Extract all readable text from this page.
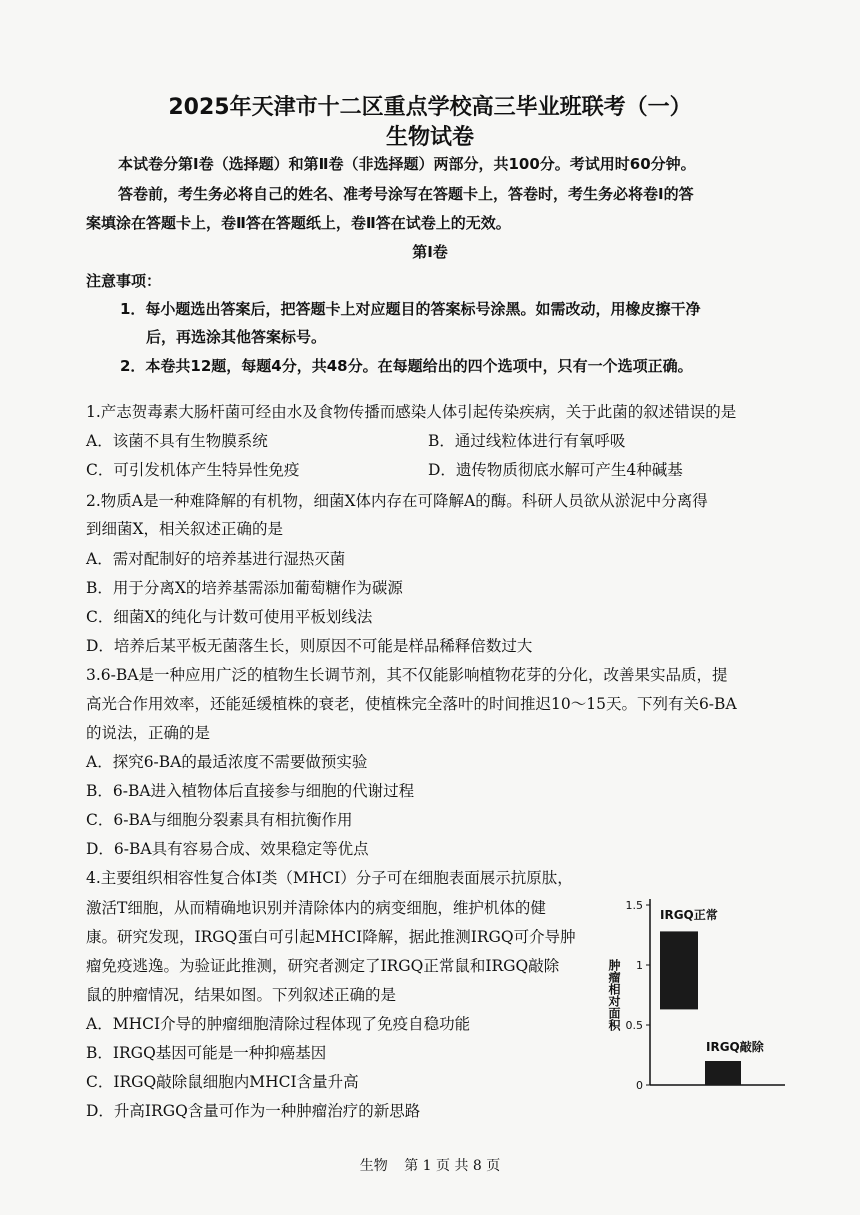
2025年天津市十二区重点学校高三毕业班联考（一）
生物试卷
本试卷分第Ⅰ卷（选择题）和第Ⅱ卷（非选择题）两部分，共100分。考试用时60分钟。
答卷前，考生务必将自己的姓名、准考号涂写在答题卡上，答卷时，考生务必将卷Ⅰ的答
案填涂在答题卡上，卷Ⅱ答在答题纸上，卷Ⅱ答在试卷上的无效。
第Ⅰ卷
注意事项：
1．每小题选出答案后，把答题卡上对应题目的答案标号涂黑。如需改动，用橡皮擦干净
后，再选涂其他答案标号。
2．本卷共12题，每题4分，共48分。在每题给出的四个选项中，只有一个选项正确。
1.产志贺毒素大肠杆菌可经由水及食物传播而感染人体引起传染疾病，关于此菌的叙述错误的是
A．该菌不具有生物膜系统	B．通过线粒体进行有氧呼吸
C．可引发机体产生特异性免疫	D．遗传物质彻底水解可产生4种碱基
2.物质A是一种难降解的有机物，细菌X体内存在可降解A的酶。科研人员欲从淤泥中分离得
到细菌X，相关叙述正确的是
A．需对配制好的培养基进行湿热灭菌
B．用于分离X的培养基需添加葡萄糖作为碳源
C．细菌X的纯化与计数可使用平板划线法
D．培养后某平板无菌落生长，则原因不可能是样品稀释倍数过大
3.6-BA是一种应用广泛的植物生长调节剂，其不仅能影响植物花芽的分化，改善果实品质，提
高光合作用效率，还能延缓植株的衰老，使植株完全落叶的时间推迟10～15天。下列有关6-BA
的说法，正确的是
A．探究6-BA的最适浓度不需要做预实验
B．6-BA进入植物体后直接参与细胞的代谢过程
C．6-BA与细胞分裂素具有相抗衡作用
D．6-BA具有容易合成、效果稳定等优点
4.主要组织相容性复合体Ⅰ类（MHCI）分子可在细胞表面展示抗原肽，
激活T细胞，从而精确地识别并清除体内的病变细胞，维护机体的健
康。研究发现，IRGQ蛋白可引起MHCI降解，据此推测IRGQ可介导肿
瘤免疫逃逸。为验证此推测，研究者测定了IRGQ正常鼠和IRGQ敲除
鼠的肿瘤情况，结果如图。下列叙述正确的是
A．MHCI介导的肿瘤细胞清除过程体现了免疫自稳功能
B．IRGQ基因可能是一种抑癌基因
C．IRGQ敲除鼠细胞内MHCI含量升高
D．升高IRGQ含量可作为一种肿瘤治疗的新思路
0
0.5
1
1.5
肿瘤相对面积
IRGQ正常
IRGQ敲除
生物 第 1 页 共 8 页
